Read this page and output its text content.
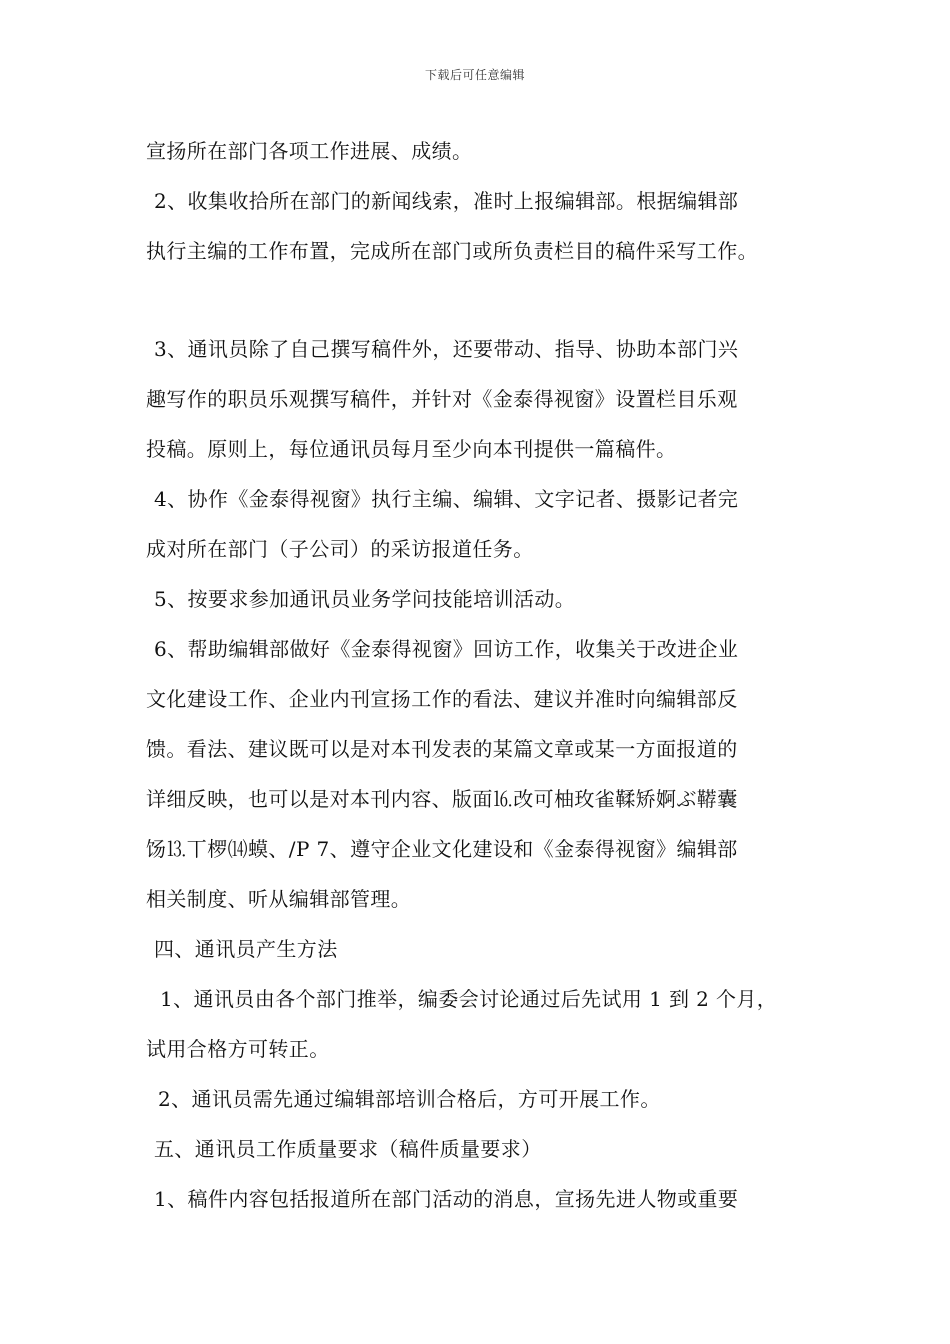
下载后可任意编辑
宣扬所在部门各项工作进展、成绩。
2、收集收拾所在部门的新闻线索，准时上报编辑部。根据编辑部
执行主编的工作布置，完成所在部门或所负责栏目的稿件采写工作。
3、通讯员除了自己撰写稿件外，还要带动、指导、协助本部门兴
趣写作的职员乐观撰写稿件，并针对《金泰得视窗》设置栏目乐观
投稿。原则上，每位通讯员每月至少向本刊提供一篇稿件。
4、协作《金泰得视窗》执行主编、编辑、文字记者、摄影记者完
成对所在部门（子公司）的采访报道任务。
5、按要求参加通讯员业务学问技能培训活动。
6、帮助编辑部做好《金泰得视窗》回访工作，收集关于改进企业
文化建设工作、企业内刊宣扬工作的看法、建议并准时向编辑部反
馈。看法、建议既可以是对本刊发表的某篇文章或某一方面报道的
详细反映，也可以是对本刊内容、版面⒗改可柚玫雀鞣矫婀ぶ鞯囊
饧⒔丅椤⒁蟆、/P 7、遵守企业文化建设和《金泰得视窗》编辑部
相关制度、听从编辑部管理。
四、通讯员产生方法
1、通讯员由各个部门推举，编委会讨论通过后先试用 1 到 2 个月，
试用合格方可转正。
2、通讯员需先通过编辑部培训合格后，方可开展工作。
五、通讯员工作质量要求（稿件质量要求）
1、稿件内容包括报道所在部门活动的消息，宣扬先进人物或重要
